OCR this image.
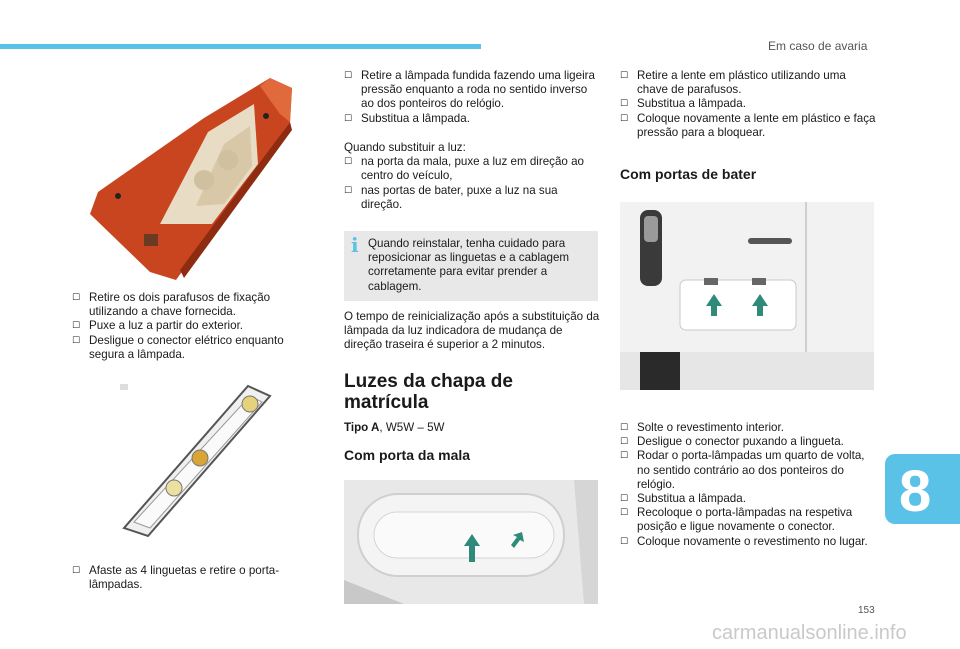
Em caso de avaria
☐ Retire os dois parafusos de fixação utilizando a chave fornecida.
☐ Puxe a luz a partir do exterior.
☐ Desligue o conector elétrico enquanto segura a lâmpada.
☐ Afaste as 4 linguetas e retire o porta-lâmpadas.
☐ Retire a lâmpada fundida fazendo uma ligeira pressão enquanto a roda no sentido inverso ao dos ponteiros do relógio.
☐ Substitua a lâmpada.

Quando substituir a luz:

☐ na porta da mala, puxe a luz em direção ao centro do veículo,
☐ nas portas de bater, puxe a luz na sua direção.
i Quando reinstalar, tenha cuidado para reposicionar as linguetas e a cablagem corretamente para evitar prender a cablagem.

O tempo de reinicialização após a substituição da lâmpada da luz indicadora de mudança de direção traseira é superior a 2 minutos.

Luzes da chapa de matrícula

Tipo A, W5W – 5W

Com porta da mala
☐ Retire a lente em plástico utilizando uma chave de parafusos.
☐ Substitua a lâmpada.
☐ Coloque novamente a lente em plástico e faça pressão para a bloquear.
Com portas de bater
☐ Solte o revestimento interior.
☐ Desligue o conector puxando a lingueta.
☐ Rodar o porta-lâmpadas um quarto de volta, no sentido contrário ao dos ponteiros do relógio.
☐ Substitua a lâmpada.
☐ Recoloque o porta-lâmpadas na respetiva posição e ligue novamente o conector.
☐ Coloque novamente o revestimento no lugar.
8
153
carmanualsonline.info
